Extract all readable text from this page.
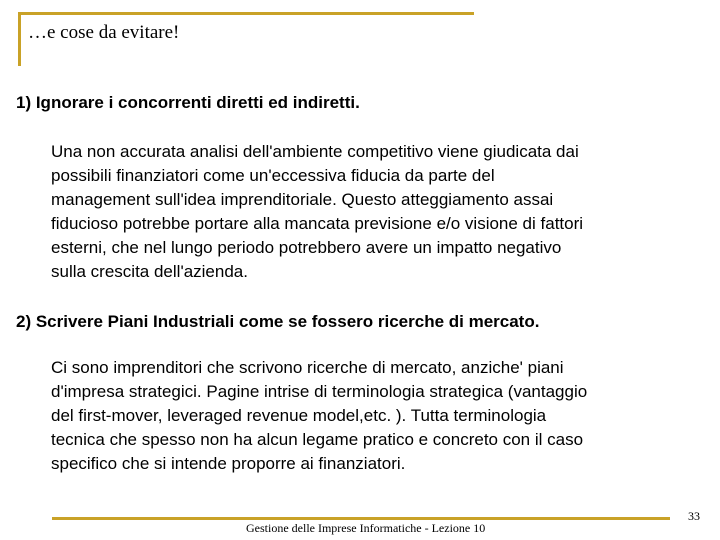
…e cose da evitare!
1) Ignorare i concorrenti diretti ed indiretti.
Una non accurata analisi dell'ambiente competitivo viene giudicata dai
possibili finanziatori come un'eccessiva fiducia da parte del
management sull'idea imprenditoriale. Questo atteggiamento assai
fiducioso potrebbe portare alla mancata previsione e/o visione di fattori
esterni, che nel lungo periodo potrebbero avere un impatto negativo
sulla crescita dell'azienda.
2) Scrivere Piani Industriali come se fossero ricerche di mercato.
Ci sono imprenditori che scrivono ricerche di mercato, anziche' piani
d'impresa strategici. Pagine intrise di terminologia strategica (vantaggio
del first-mover, leveraged revenue model,etc. ). Tutta terminologia
tecnica che spesso non ha alcun legame pratico e concreto con il caso
specifico che si intende proporre ai finanziatori.
Gestione delle Imprese Informatiche - Lezione 10
33
